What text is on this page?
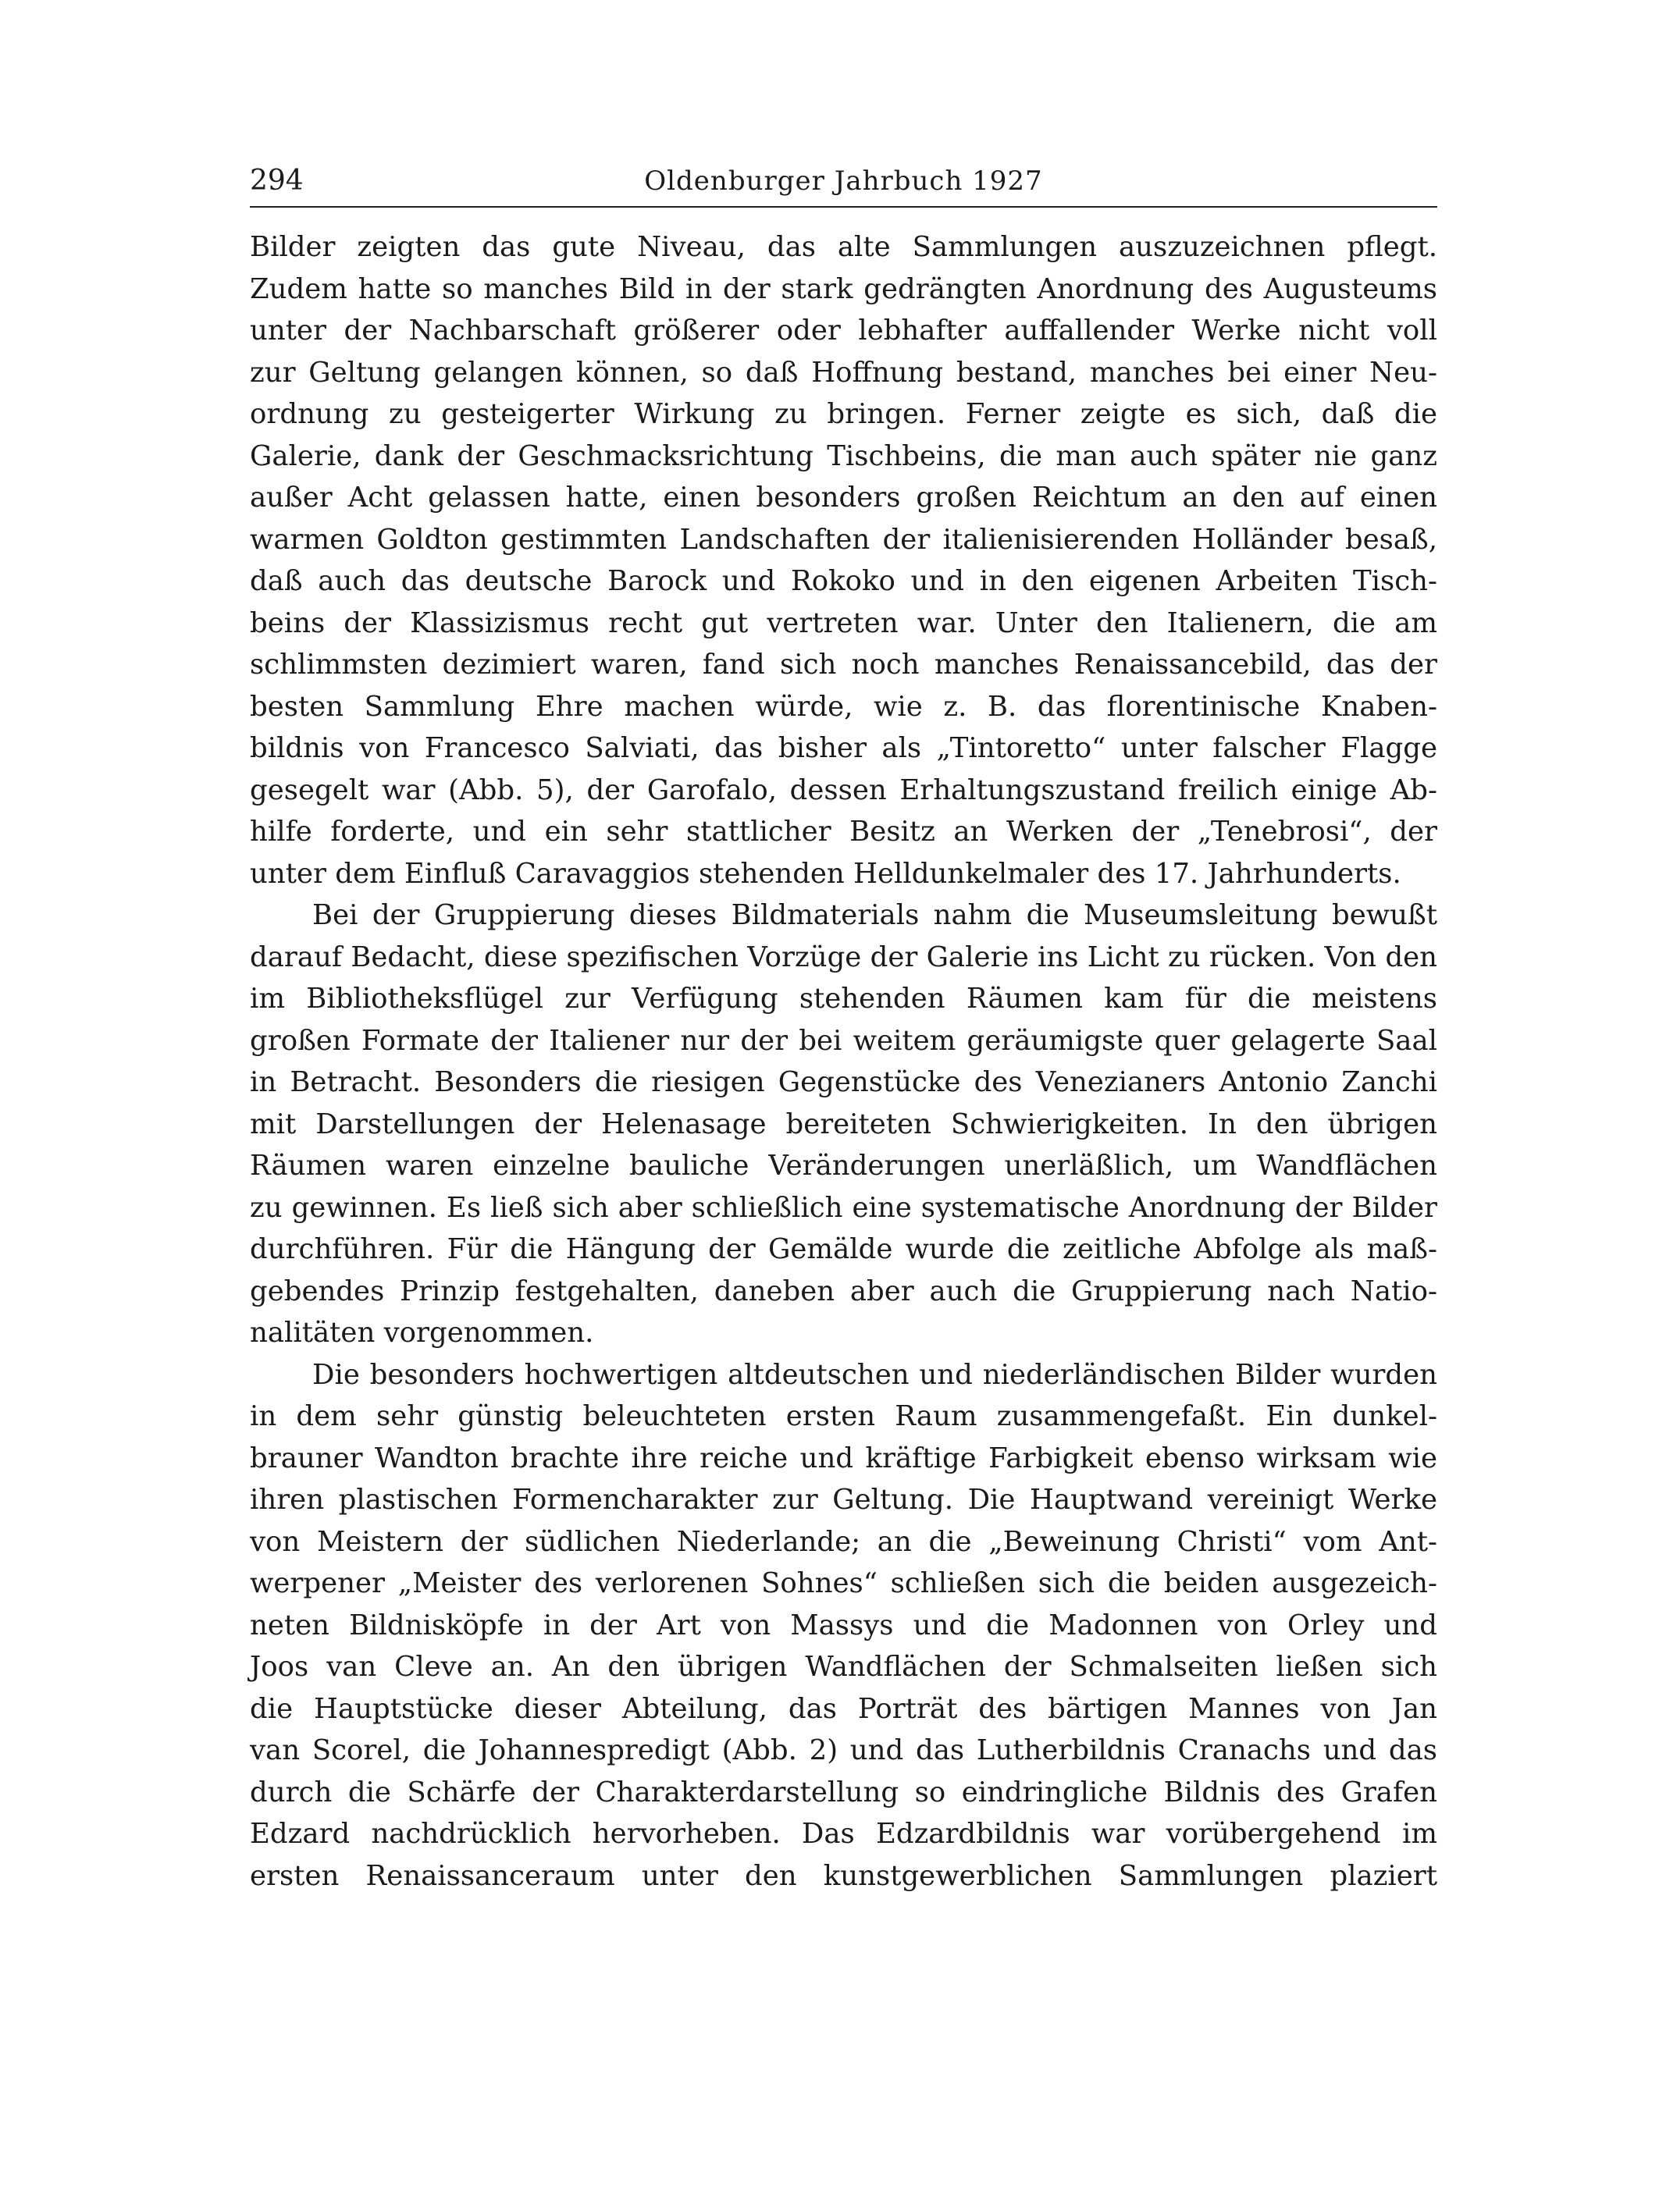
294	Oldenburger Jahrbuch 1927
Bilder zeigten das gute Niveau, das alte Sammlungen auszuzeichnen pflegt.
Zudem hatte so manches Bild in der stark gedrängten Anordnung des Augusteums
unter der Nachbarschaft größerer oder lebhafter auffallender Werke nicht voll
zur Geltung gelangen können, so daß Hoffnung bestand, manches bei einer Neu-
ordnung zu gesteigerter Wirkung zu bringen. Ferner zeigte es sich, daß die
Galerie, dank der Geschmacksrichtung Tischbeins, die man auch später nie ganz
außer Acht gelassen hatte, einen besonders großen Reichtum an den auf einen
warmen Goldton gestimmten Landschaften der italienisierenden Holländer besaß,
daß auch das deutsche Barock und Rokoko und in den eigenen Arbeiten Tisch-
beins der Klassizismus recht gut vertreten war. Unter den Italienern, die am
schlimmsten dezimiert waren, fand sich noch manches Renaissancebild, das der
besten Sammlung Ehre machen würde, wie z. B. das florentinische Knaben-
bildnis von Francesco Salviati, das bisher als „Tintoretto“ unter falscher Flagge
gesegelt war (Abb. 5), der Garofalo, dessen Erhaltungszustand freilich einige Ab-
hilfe forderte, und ein sehr stattlicher Besitz an Werken der „Tenebrosi“, der
unter dem Einfluß Caravaggios stehenden Helldunkelmaler des 17. Jahrhunderts.
Bei der Gruppierung dieses Bildmaterials nahm die Museumsleitung bewußt
darauf Bedacht, diese spezifischen Vorzüge der Galerie ins Licht zu rücken. Von den
im Bibliotheksflügel zur Verfügung stehenden Räumen kam für die meistens
großen Formate der Italiener nur der bei weitem geräumigste quer gelagerte Saal
in Betracht. Besonders die riesigen Gegenstücke des Venezianers Antonio Zanchi
mit Darstellungen der Helenasage bereiteten Schwierigkeiten. In den übrigen
Räumen waren einzelne bauliche Veränderungen unerläßlich, um Wandflächen
zu gewinnen. Es ließ sich aber schließlich eine systematische Anordnung der Bilder
durchführen. Für die Hängung der Gemälde wurde die zeitliche Abfolge als maß-
gebendes Prinzip festgehalten, daneben aber auch die Gruppierung nach Natio-
nalitäten vorgenommen.
Die besonders hochwertigen altdeutschen und niederländischen Bilder wurden
in dem sehr günstig beleuchteten ersten Raum zusammengefaßt. Ein dunkel-
brauner Wandton brachte ihre reiche und kräftige Farbigkeit ebenso wirksam wie
ihren plastischen Formencharakter zur Geltung. Die Hauptwand vereinigt Werke
von Meistern der südlichen Niederlande; an die „Beweinung Christi“ vom Ant-
werpener „Meister des verlorenen Sohnes“ schließen sich die beiden ausgezeich-
neten Bildnisköpfe in der Art von Massys und die Madonnen von Orley und
Joos van Cleve an. An den übrigen Wandflächen der Schmalseiten ließen sich
die Hauptstücke dieser Abteilung, das Porträt des bärtigen Mannes von Jan
van Scorel, die Johannespredigt (Abb. 2) und das Lutherbildnis Cranachs und das
durch die Schärfe der Charakterdarstellung so eindringliche Bildnis des Grafen
Edzard nachdrücklich hervorheben. Das Edzardbildnis war vorübergehend im
ersten Renaissanceraum unter den kunstgewerblichen Sammlungen plaziert
